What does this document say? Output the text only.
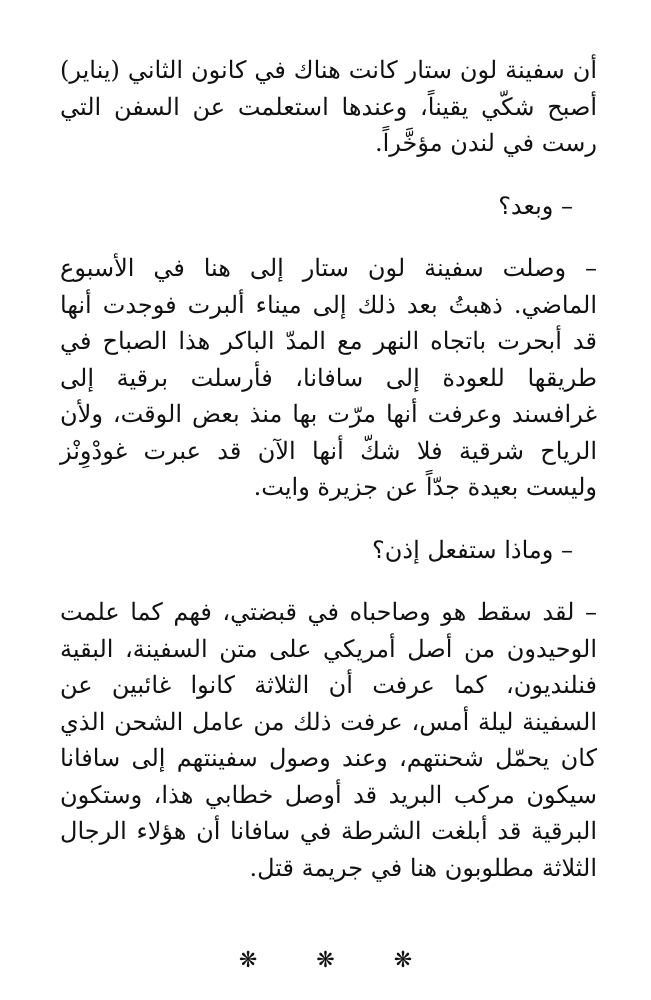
أن سفينة لون ستار كانت هناك في كانون الثاني (يناير) أصبح شكّي يقيناً، وعندها استعلمت عن السفن التي رست في لندن مؤخَّراً.

– وبعد؟

– وصلت سفينة لون ستار إلى هنا في الأسبوع الماضي. ذهبتُ بعد ذلك إلى ميناء ألبرت فوجدت أنها قد أبحرت باتجاه النهر مع المدّ الباكر هذا الصباح في طريقها للعودة إلى سافانا، فأرسلت برقية إلى غرافسند وعرفت أنها مرّت بها منذ بعض الوقت، ولأن الرياح شرقية فلا شكّ أنها الآن قد عبرت غودْوِنْز وليست بعيدة جدّاً عن جزيرة وايت.

– وماذا ستفعل إذن؟

– لقد سقط هو وصاحباه في قبضتي، فهم كما علمت الوحيدون من أصل أمريكي على متن السفينة، البقية فنلنديون، كما عرفت أن الثلاثة كانوا غائبين عن السفينة ليلة أمس، عرفت ذلك من عامل الشحن الذي كان يحمّل شحنتهم، وعند وصول سفينتهم إلى سافانا سيكون مركب البريد قد أوصل خطابي هذا، وستكون البرقية قد أبلغت الشرطة في سافانا أن هؤلاء الرجال الثلاثة مطلوبون هنا في جريمة قتل.

❋ ❋ ❋
